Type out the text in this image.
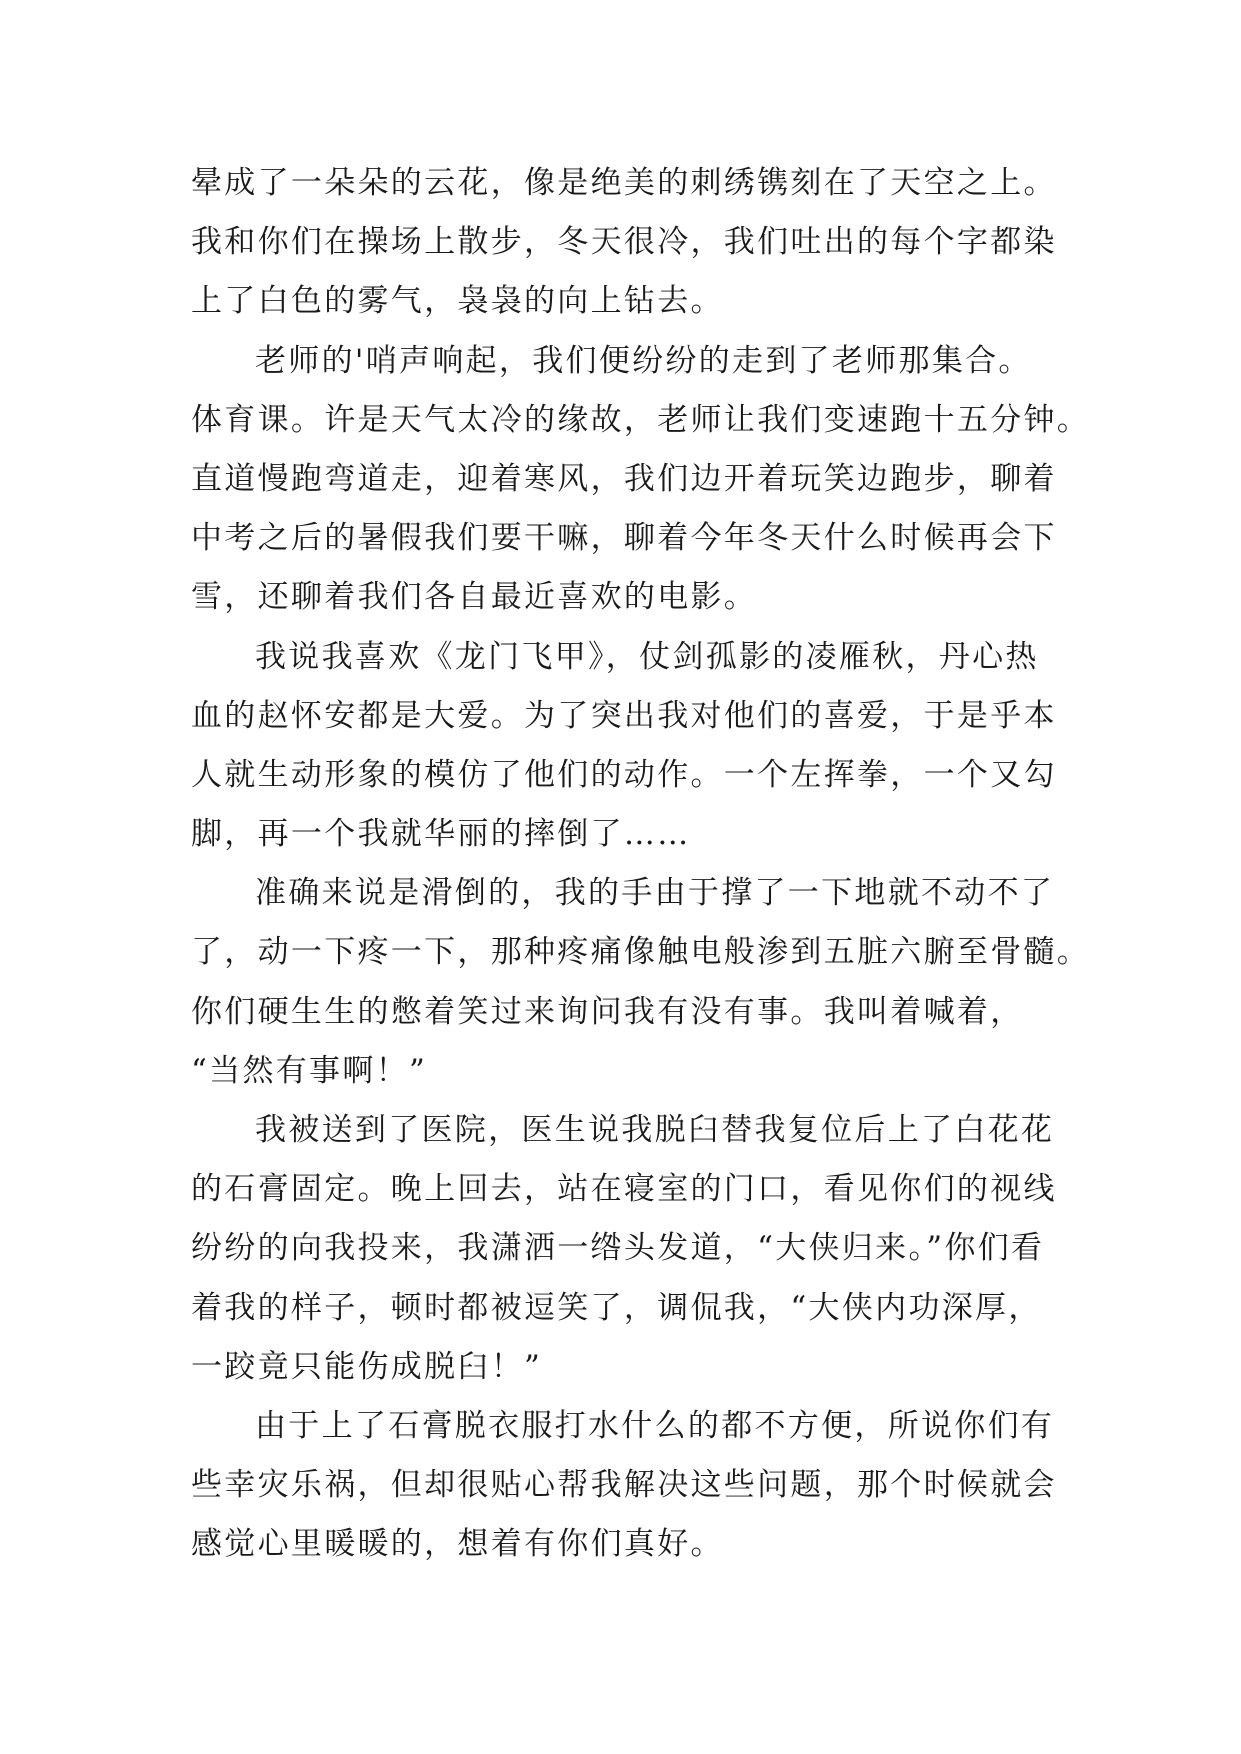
晕成了一朵朵的云花，像是绝美的刺绣镌刻在了天空之上。
我和你们在操场上散步，冬天很冷，我们吐出的每个字都染
上了白色的雾气，袅袅的向上钻去。
老师的'哨声响起，我们便纷纷的走到了老师那集合。
体育课。许是天气太冷的缘故，老师让我们变速跑十五分钟。
直道慢跑弯道走，迎着寒风，我们边开着玩笑边跑步，聊着
中考之后的暑假我们要干嘛，聊着今年冬天什么时候再会下
雪，还聊着我们各自最近喜欢的电影。
我说我喜欢《龙门飞甲》，仗剑孤影的凌雁秋，丹心热
血的赵怀安都是大爱。为了突出我对他们的喜爱，于是乎本
人就生动形象的模仿了他们的动作。一个左挥拳，一个又勾
脚，再一个我就华丽的摔倒了……
准确来说是滑倒的，我的手由于撑了一下地就不动不了
了，动一下疼一下，那种疼痛像触电般渗到五脏六腑至骨髓。
你们硬生生的憋着笑过来询问我有没有事。我叫着喊着，
“当然有事啊！”
我被送到了医院，医生说我脱臼替我复位后上了白花花
的石膏固定。晚上回去，站在寝室的门口，看见你们的视线
纷纷的向我投来，我潇洒一绺头发道，“大侠归来。”你们看
着我的样子，顿时都被逗笑了，调侃我，“大侠内功深厚，
一跤竟只能伤成脱臼！”
由于上了石膏脱衣服打水什么的都不方便，所说你们有
些幸灾乐祸，但却很贴心帮我解决这些问题，那个时候就会
感觉心里暖暖的，想着有你们真好。
